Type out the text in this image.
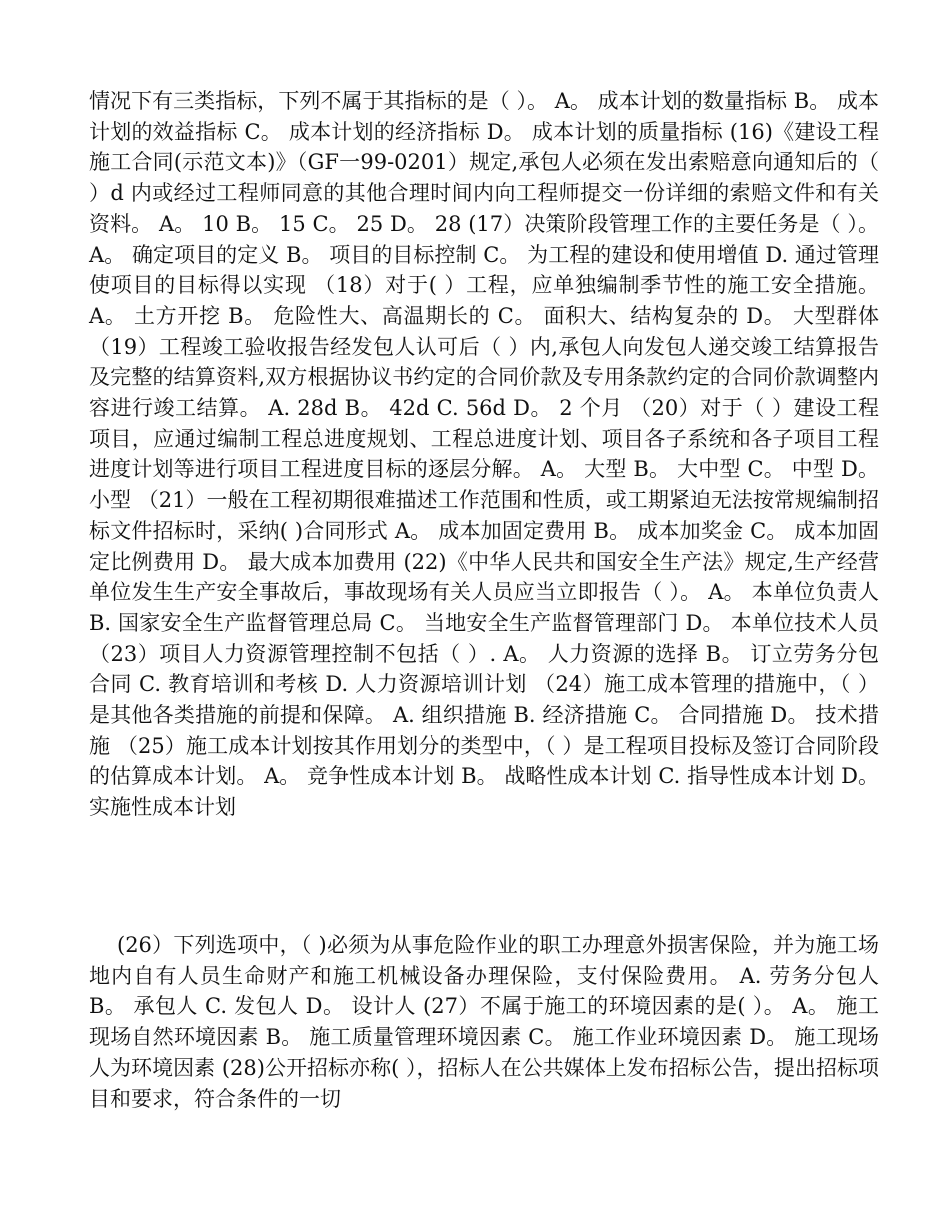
情况下有三类指标，下列不属于其指标的是（ ）。 A。 成本计划的数量指标 B。 成本计划的效益指标 C。 成本计划的经济指标 D。 成本计划的质量指标 (16)《建设工程施工合同(示范文本)》（GF一99-0201）规定,承包人必须在发出索赔意向通知后的（ ）d 内或经过工程师同意的其他合理时间内向工程师提交一份详细的索赔文件和有关资料。 A。 10 B。 15 C。 25 D。 28 (17）决策阶段管理工作的主要任务是（ ）。 A。 确定项目的定义 B。 项目的目标控制 C。 为工程的建设和使用增值 D. 通过管理使项目的目标得以实现 （18）对于( ）工程，应单独编制季节性的施工安全措施。 A。 土方开挖 B。 危险性大、高温期长的 C。 面积大、结构复杂的 D。 大型群体 （19）工程竣工验收报告经发包人认可后（ ）内,承包人向发包人递交竣工结算报告及完整的结算资料,双方根据协议书约定的合同价款及专用条款约定的合同价款调整内容进行竣工结算。 A. 28d B。 42d C. 56d D。 2 个月 （20）对于（ ）建设工程项目，应通过编制工程总进度规划、工程总进度计划、项目各子系统和各子项目工程进度计划等进行项目工程进度目标的逐层分解。 A。 大型 B。 大中型 C。 中型 D。 小型 （21）一般在工程初期很难描述工作范围和性质，或工期紧迫无法按常规编制招标文件招标时，采纳( )合同形式 A。 成本加固定费用 B。 成本加奖金 C。 成本加固定比例费用 D。 最大成本加费用 (22)《中华人民共和国安全生产法》规定,生产经营单位发生生产安全事故后，事故现场有关人员应当立即报告（ ）。 A。 本单位负责人 B. 国家安全生产监督管理总局 C。 当地安全生产监督管理部门 D。 本单位技术人员 （23）项目人力资源管理控制不包括（ ）. A。 人力资源的选择 B。 订立劳务分包合同 C. 教育培训和考核 D. 人力资源培训计划 （24）施工成本管理的措施中，（ ）是其他各类措施的前提和保障。 A. 组织措施 B. 经济措施 C。 合同措施 D。 技术措施 （25）施工成本计划按其作用划分的类型中，（ ）是工程项目投标及签订合同阶段的估算成本计划。 A。 竞争性成本计划 B。 战略性成本计划 C. 指导性成本计划 D。 实施性成本计划

(26）下列选项中，（ )必须为从事危险作业的职工办理意外损害保险，并为施工场地内自有人员生命财产和施工机械设备办理保险，支付保险费用。 A. 劳务分包人 B。 承包人 C. 发包人 D。 设计人 (27）不属于施工的环境因素的是( ）。 A。 施工现场自然环境因素 B。 施工质量管理环境因素 C。 施工作业环境因素 D。 施工现场人为环境因素 (28)公开招标亦称( ），招标人在公共媒体上发布招标公告，提出招标项目和要求，符合条件的一切
